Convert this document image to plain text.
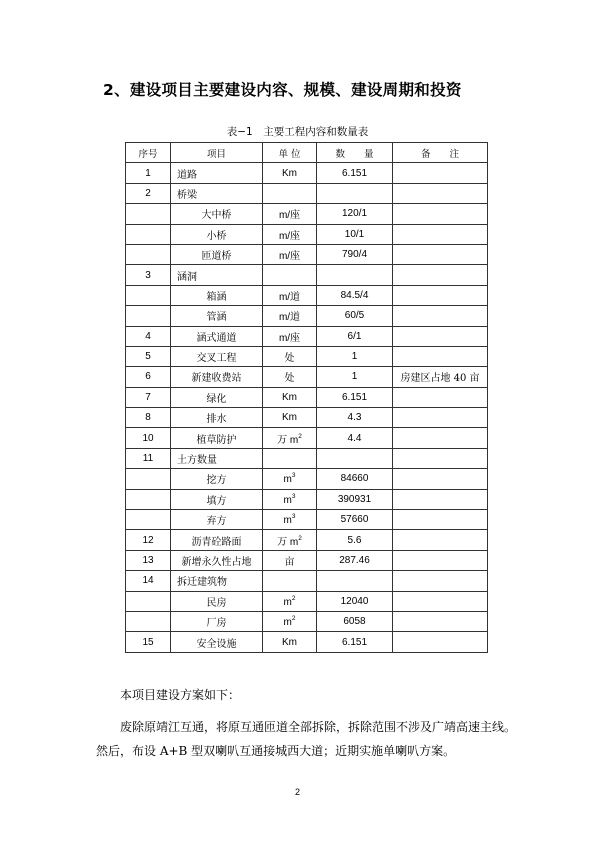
2、建设项目主要建设内容、规模、建设周期和投资
表−1　主要工程内容和数量表
序号	项目	单 位	数　　量	备　　注
1	道路	Km	6.151	
2	桥梁			
	大中桥	m/座	120/1	
	小桥	m/座	10/1	
	匝道桥	m/座	790/4	
3	涵洞			
	箱涵	m/道	84.5/4	
	管涵	m/道	60/5	
4	涵式通道	m/座	6/1	
5	交叉工程	处	1	
6	新建收费站	处	1	房建区占地 40 亩
7	绿化	Km	6.151	
8	排水	Km	4.3	
10	植草防护	万 $m^2$	4.4	
11	土方数量			
	挖方	$m^3$	84660	
	填方	$m^3$	390931	
	弃方	$m^3$	57660	
12	沥青砼路面	万 $m^2$	5.6	
13	新增永久性占地	亩	287.46	
14	拆迁建筑物			
	民房	$m^2$	12040	
	厂房	$m^2$	6058	
15	安全设施	Km	6.151	
本项目建设方案如下：
废除原靖江互通，将原互通匝道全部拆除，拆除范围不涉及广靖高速主线。然后，布设 A+B 型双喇叭互通接城西大道；近期实施单喇叭方案。
2
